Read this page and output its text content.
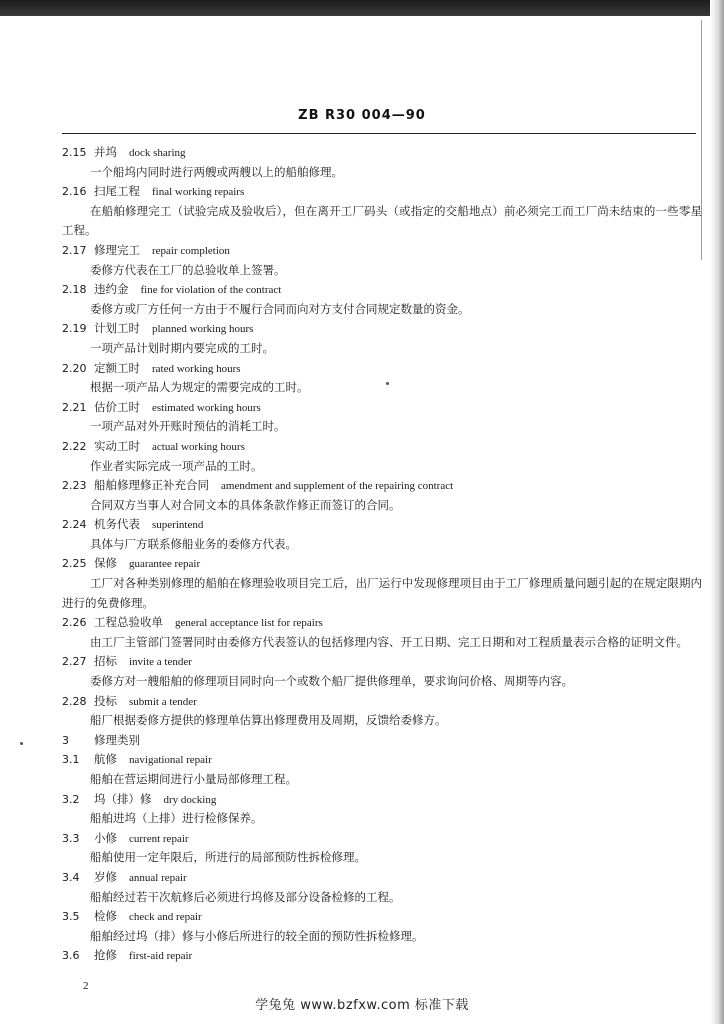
ZB R30 004—90
2.15 并坞 dock sharing

一个船坞内同时进行两艘或两艘以上的船舶修理。

2.16 扫尾工程 final working repairs

在船舶修理完工（试验完成及验收后），但在离开工厂码头（或指定的交船地点）前必须完工而工厂尚未结束的一些零星工程。

2.17 修理完工 repair completion

委修方代表在工厂的总验收单上签署。

2.18 违约金 fine for violation of the contract

委修方或厂方任何一方由于不履行合同而向对方支付合同规定数量的资金。

2.19 计划工时 planned working hours

一项产品计划时期内要完成的工时。

2.20 定额工时 rated working hours

根据一项产品人为规定的需要完成的工时。

2.21 估价工时 estimated working hours

一项产品对外开账时预估的消耗工时。

2.22 实动工时 actual working hours

作业者实际完成一项产品的工时。

2.23 船舶修理修正补充合同 amendment and supplement of the repairing contract

合同双方当事人对合同文本的具体条款作修正而签订的合同。

2.24 机务代表 superintend

具体与厂方联系修船业务的委修方代表。

2.25 保修 guarantee repair

工厂对各种类别修理的船舶在修理验收项目完工后，出厂运行中发现修理项目由于工厂修理质量问题引起的在规定限期内进行的免费修理。

2.26 工程总验收单 general acceptance list for repairs

由工厂主管部门签署同时由委修方代表签认的包括修理内容、开工日期、完工日期和对工程质量表示合格的证明文件。

2.27 招标 invite a tender

委修方对一艘船舶的修理项目同时向一个或数个船厂提供修理单，要求询问价格、周期等内容。

2.28 投标 submit a tender

船厂根据委修方提供的修理单估算出修理费用及周期，反馈给委修方。

3 修理类别
3.1 航修 navigational repair

船舶在营运期间进行小量局部修理工程。

3.2 坞（排）修 dry docking

船舶进坞（上排）进行检修保养。

3.3 小修 current repair

船舶使用一定年限后，所进行的局部预防性拆检修理。

3.4 岁修 annual repair

船舶经过若干次航修后必须进行坞修及部分设备检修的工程。

3.5 检修 check and repair

船舶经过坞（排）修与小修后所进行的较全面的预防性拆检修理。

3.6 抢修 first-aid repair
2
学兔兔 www.bzfxw.com 标准下载
